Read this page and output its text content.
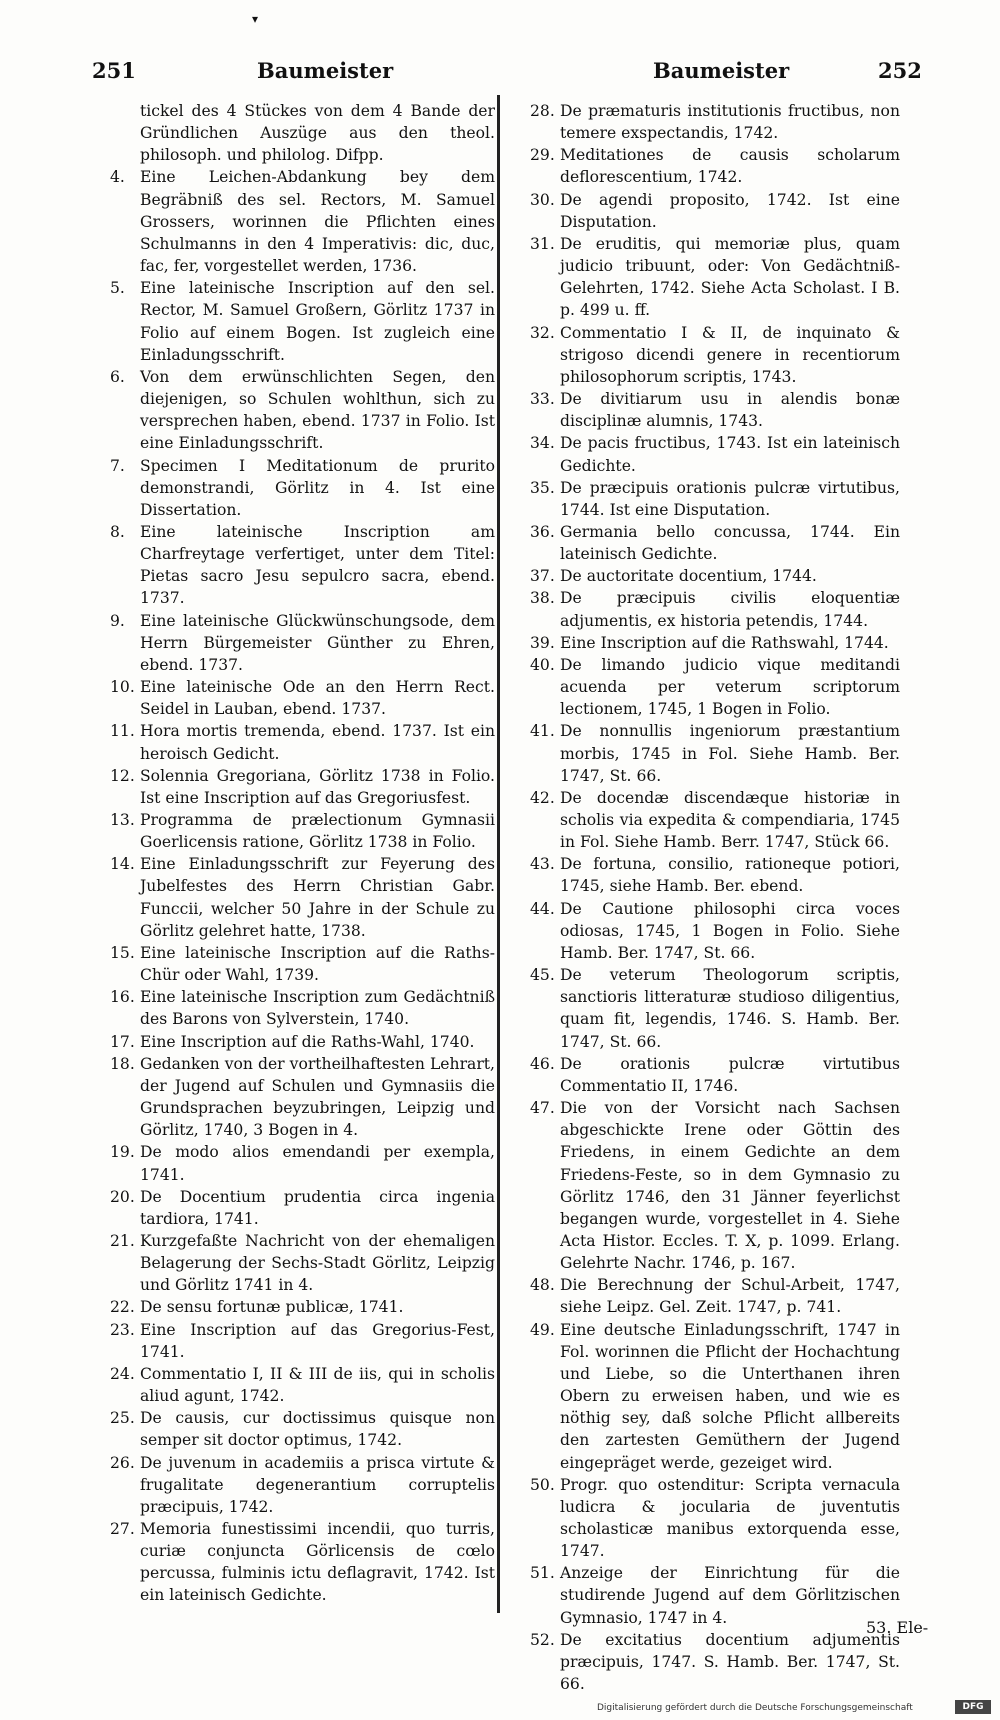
▾
251	Baumeister	Baumeister	252
tickel des 4 Stückes von dem 4 Bande der Gründlichen Auszüge aus den theol. philosoph. und philolog. Difpp.
4. Eine Leichen-Abdankung bey dem Begräbniß des sel. Rectors, M. Samuel Grossers, worinnen die Pflichten eines Schulmanns in den 4 Imperativis: dic, duc, fac, fer, vorgestellet werden, 1736.
5. Eine lateinische Inscription auf den sel. Rector, M. Samuel Großern, Görlitz 1737 in Folio auf einem Bogen. Ist zugleich eine Einladungsschrift.
6. Von dem erwünschlichten Segen, den diejenigen, so Schulen wohlthun, sich zu versprechen haben, ebend. 1737 in Folio. Ist eine Einladungsschrift.
7. Specimen I Meditationum de prurito demonstrandi, Görlitz in 4. Ist eine Dissertation.
8. Eine lateinische Inscription am Charfreytage verfertiget, unter dem Titel: Pietas sacro Jesu sepulcro sacra, ebend. 1737.
9. Eine lateinische Glückwünschungsode, dem Herrn Bürgemeister Günther zu Ehren, ebend. 1737.
10. Eine lateinische Ode an den Herrn Rect. Seidel in Lauban, ebend. 1737.
11. Hora mortis tremenda, ebend. 1737. Ist ein heroisch Gedicht.
12. Solennia Gregoriana, Görlitz 1738 in Folio. Ist eine Inscription auf das Gregoriusfest.
13. Programma de prælectionum Gymnasii Goerlicensis ratione, Görlitz 1738 in Folio.
14. Eine Einladungsschrift zur Feyerung des Jubelfestes des Herrn Christian Gabr. Funccii, welcher 50 Jahre in der Schule zu Görlitz gelehret hatte, 1738.
15. Eine lateinische Inscription auf die Raths-Chür oder Wahl, 1739.
16. Eine lateinische Inscription zum Gedächtniß des Barons von Sylverstein, 1740.
17. Eine Inscription auf die Raths-Wahl, 1740.
18. Gedanken von der vortheilhaftesten Lehrart, der Jugend auf Schulen und Gymnasiis die Grundsprachen beyzubringen, Leipzig und Görlitz, 1740, 3 Bogen in 4.
19. De modo alios emendandi per exempla, 1741.
20. De Docentium prudentia circa ingenia tardiora, 1741.
21. Kurzgefaßte Nachricht von der ehemaligen Belagerung der Sechs-Stadt Görlitz, Leipzig und Görlitz 1741 in 4.
22. De sensu fortunæ publicæ, 1741.
23. Eine Inscription auf das Gregorius-Fest, 1741.
24. Commentatio I, II & III de iis, qui in scholis aliud agunt, 1742.
25. De causis, cur doctissimus quisque non semper sit doctor optimus, 1742.
26. De juvenum in academiis a prisca virtute & frugalitate degenerantium corruptelis præcipuis, 1742.
27. Memoria funestissimi incendii, quo turris, curiæ conjuncta Görlicensis de cœlo percussa, fulminis ictu deflagravit, 1742. Ist ein lateinisch Gedichte.
28. De præmaturis institutionis fructibus, non temere exspectandis, 1742.
29. Meditationes de causis scholarum deflorescentium, 1742.
30. De agendi proposito, 1742. Ist eine Disputation.
31. De eruditis, qui memoriæ plus, quam judicio tribuunt, oder: Von Gedächtniß-Gelehrten, 1742. Siehe Acta Scholast. I B. p. 499 u. ff.
32. Commentatio I & II, de inquinato & strigoso dicendi genere in recentiorum philosophorum scriptis, 1743.
33. De divitiarum usu in alendis bonæ disciplinæ alumnis, 1743.
34. De pacis fructibus, 1743. Ist ein lateinisch Gedichte.
35. De præcipuis orationis pulcræ virtutibus, 1744. Ist eine Disputation.
36. Germania bello concussa, 1744. Ein lateinisch Gedichte.
37. De auctoritate docentium, 1744.
38. De præcipuis civilis eloquentiæ adjumentis, ex historia petendis, 1744.
39. Eine Inscription auf die Rathswahl, 1744.
40. De limando judicio vique meditandi acuenda per veterum scriptorum lectionem, 1745, 1 Bogen in Folio.
41. De nonnullis ingeniorum præstantium morbis, 1745 in Fol. Siehe Hamb. Ber. 1747, St. 66.
42. De docendæ discendæque historiæ in scholis via expedita & compendiaria, 1745 in Fol. Siehe Hamb. Berr. 1747, Stück 66.
43. De fortuna, consilio, rationeque potiori, 1745, siehe Hamb. Ber. ebend.
44. De Cautione philosophi circa voces odiosas, 1745, 1 Bogen in Folio. Siehe Hamb. Ber. 1747, St. 66.
45. De veterum Theologorum scriptis, sanctioris litteraturæ studioso diligentius, quam fit, legendis, 1746. S. Hamb. Ber. 1747, St. 66.
46. De orationis pulcræ virtutibus Commentatio II, 1746.
47. Die von der Vorsicht nach Sachsen abgeschickte Irene oder Göttin des Friedens, in einem Gedichte an dem Friedens-Feste, so in dem Gymnasio zu Görlitz 1746, den 31 Jänner feyerlichst begangen wurde, vorgestellet in 4. Siehe Acta Histor. Eccles. T. X, p. 1099. Erlang. Gelehrte Nachr. 1746, p. 167.
48. Die Berechnung der Schul-Arbeit, 1747, siehe Leipz. Gel. Zeit. 1747, p. 741.
49. Eine deutsche Einladungsschrift, 1747 in Fol. worinnen die Pflicht der Hochachtung und Liebe, so die Unterthanen ihren Obern zu erweisen haben, und wie es nöthig sey, daß solche Pflicht allbereits den zartesten Gemüthern der Jugend eingepräget werde, gezeiget wird.
50. Progr. quo ostenditur: Scripta vernacula ludicra & jocularia de juventutis scholasticæ manibus extorquenda esse, 1747.
51. Anzeige der Einrichtung für die studirende Jugend auf dem Görlitzischen Gymnasio, 1747 in 4.
52. De excitatius docentium adjumentis præcipuis, 1747. S. Hamb. Ber. 1747, St. 66.
53. Ele-
Digitalisierung gefördert durch die Deutsche Forschungsgemeinschaft	DFG
